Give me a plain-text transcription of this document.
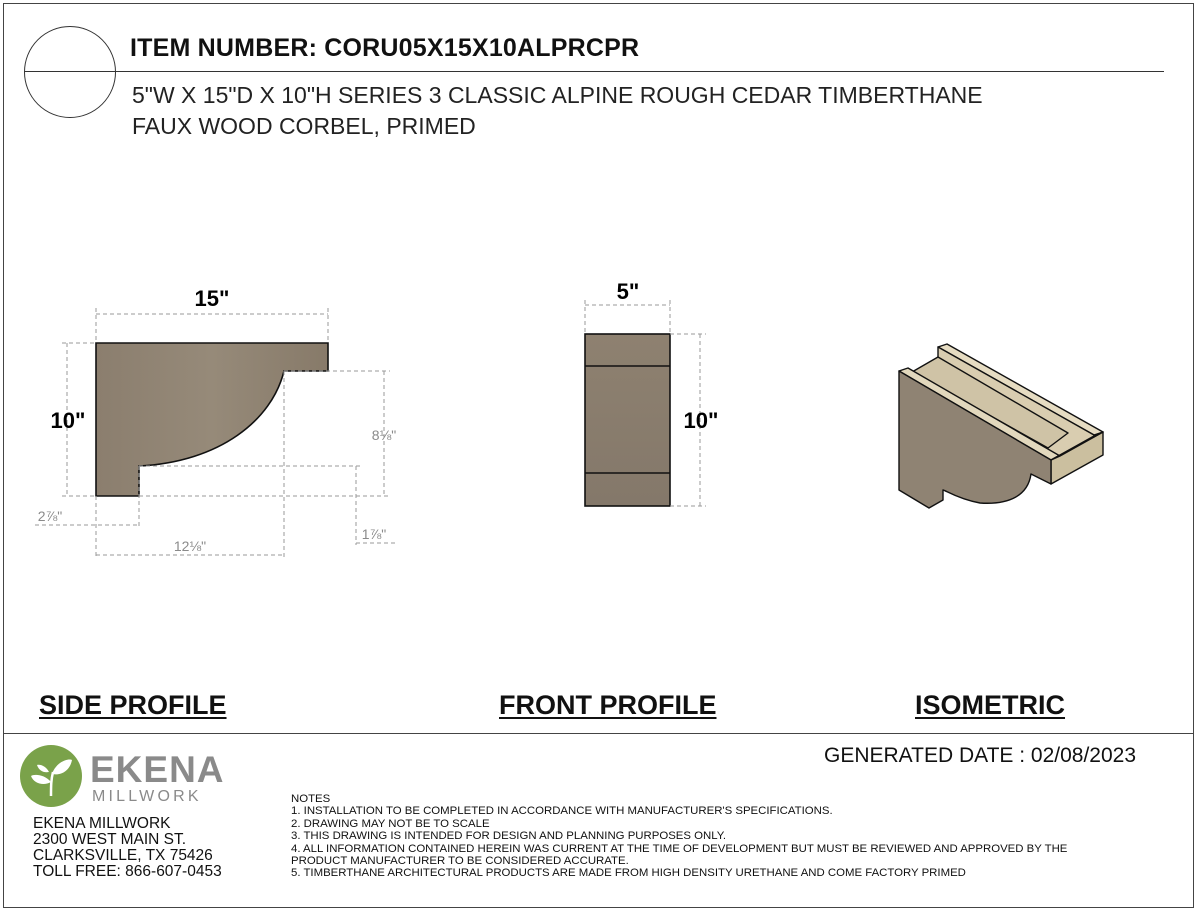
ITEM NUMBER: CORU05X15X10ALPRCPR
5"W X 15"D X 10"H SERIES 3 CLASSIC ALPINE ROUGH CEDAR TIMBERTHANE
FAUX WOOD CORBEL, PRIMED
15"
10"
8⅛"
2⅞"
12⅛"
1⅞"
5"
10"
SIDE PROFILE	FRONT PROFILE	ISOMETRIC
EKENA
MILLWORK
EKENA MILLWORK
2300 WEST MAIN ST.
CLARKSVILLE, TX 75426
TOLL FREE: 866-607-0453
GENERATED DATE : 02/08/2023
NOTES
1. INSTALLATION TO BE COMPLETED IN ACCORDANCE WITH MANUFACTURER'S SPECIFICATIONS.
2. DRAWING MAY NOT BE TO SCALE
3. THIS DRAWING IS INTENDED FOR DESIGN AND PLANNING PURPOSES ONLY.
4. ALL INFORMATION CONTAINED HEREIN WAS CURRENT AT THE TIME OF DEVELOPMENT BUT MUST BE REVIEWED AND APPROVED BY THE
PRODUCT MANUFACTURER TO BE CONSIDERED ACCURATE.
5. TIMBERTHANE ARCHITECTURAL PRODUCTS ARE MADE FROM HIGH DENSITY URETHANE AND COME FACTORY PRIMED
